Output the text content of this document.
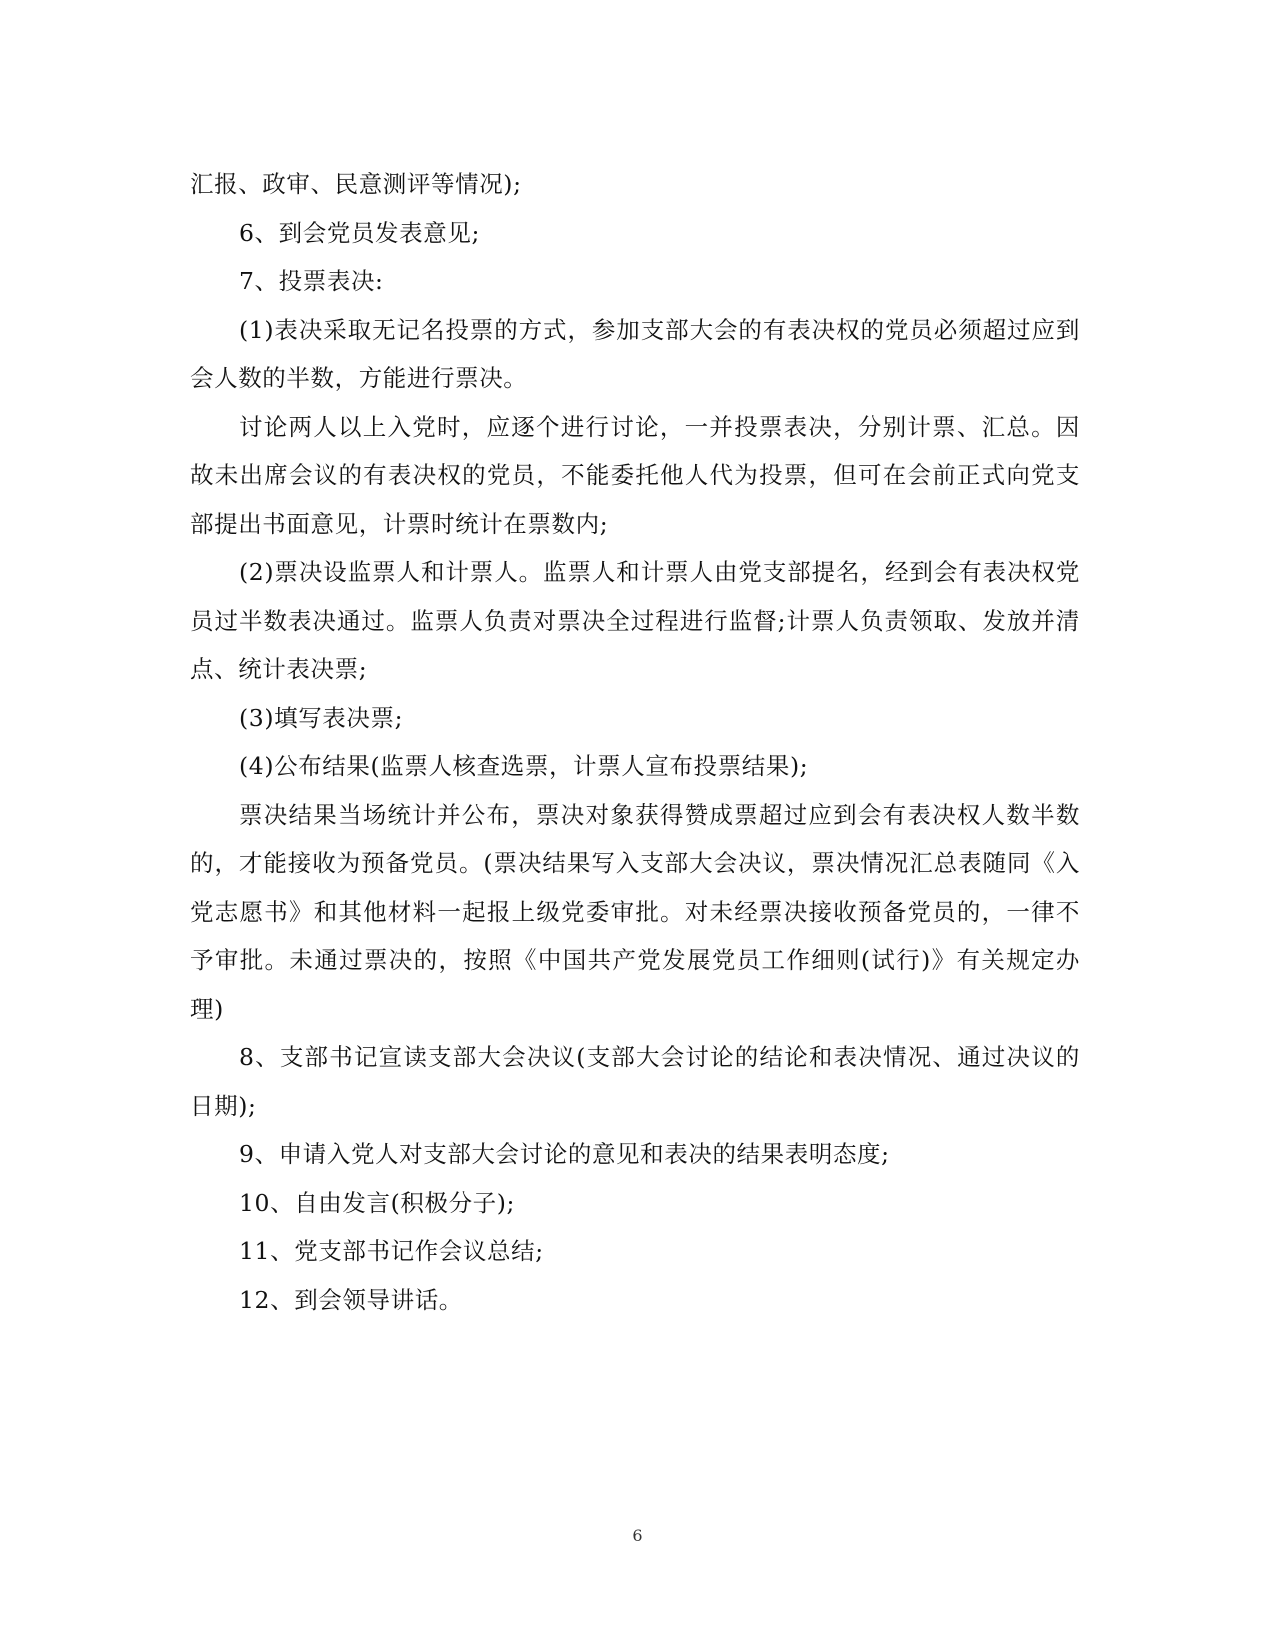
汇报、政审、民意测评等情况);

6、到会党员发表意见;

7、投票表决:

(1)表决采取无记名投票的方式，参加支部大会的有表决权的党员必须超过应到会人数的半数，方能进行票决。

讨论两人以上入党时，应逐个进行讨论，一并投票表决，分别计票、汇总。因故未出席会议的有表决权的党员，不能委托他人代为投票，但可在会前正式向党支部提出书面意见，计票时统计在票数内;

(2)票决设监票人和计票人。监票人和计票人由党支部提名，经到会有表决权党员过半数表决通过。监票人负责对票决全过程进行监督;计票人负责领取、发放并清点、统计表决票;

(3)填写表决票;

(4)公布结果(监票人核查选票，计票人宣布投票结果);

票决结果当场统计并公布，票决对象获得赞成票超过应到会有表决权人数半数的，才能接收为预备党员。(票决结果写入支部大会决议，票决情况汇总表随同《入党志愿书》和其他材料一起报上级党委审批。对未经票决接收预备党员的，一律不予审批。未通过票决的，按照《中国共产党发展党员工作细则(试行)》有关规定办理)

8、支部书记宣读支部大会决议(支部大会讨论的结论和表决情况、通过决议的日期);

9、申请入党人对支部大会讨论的意见和表决的结果表明态度;

10、自由发言(积极分子);

11、党支部书记作会议总结;

12、到会领导讲话。

6
